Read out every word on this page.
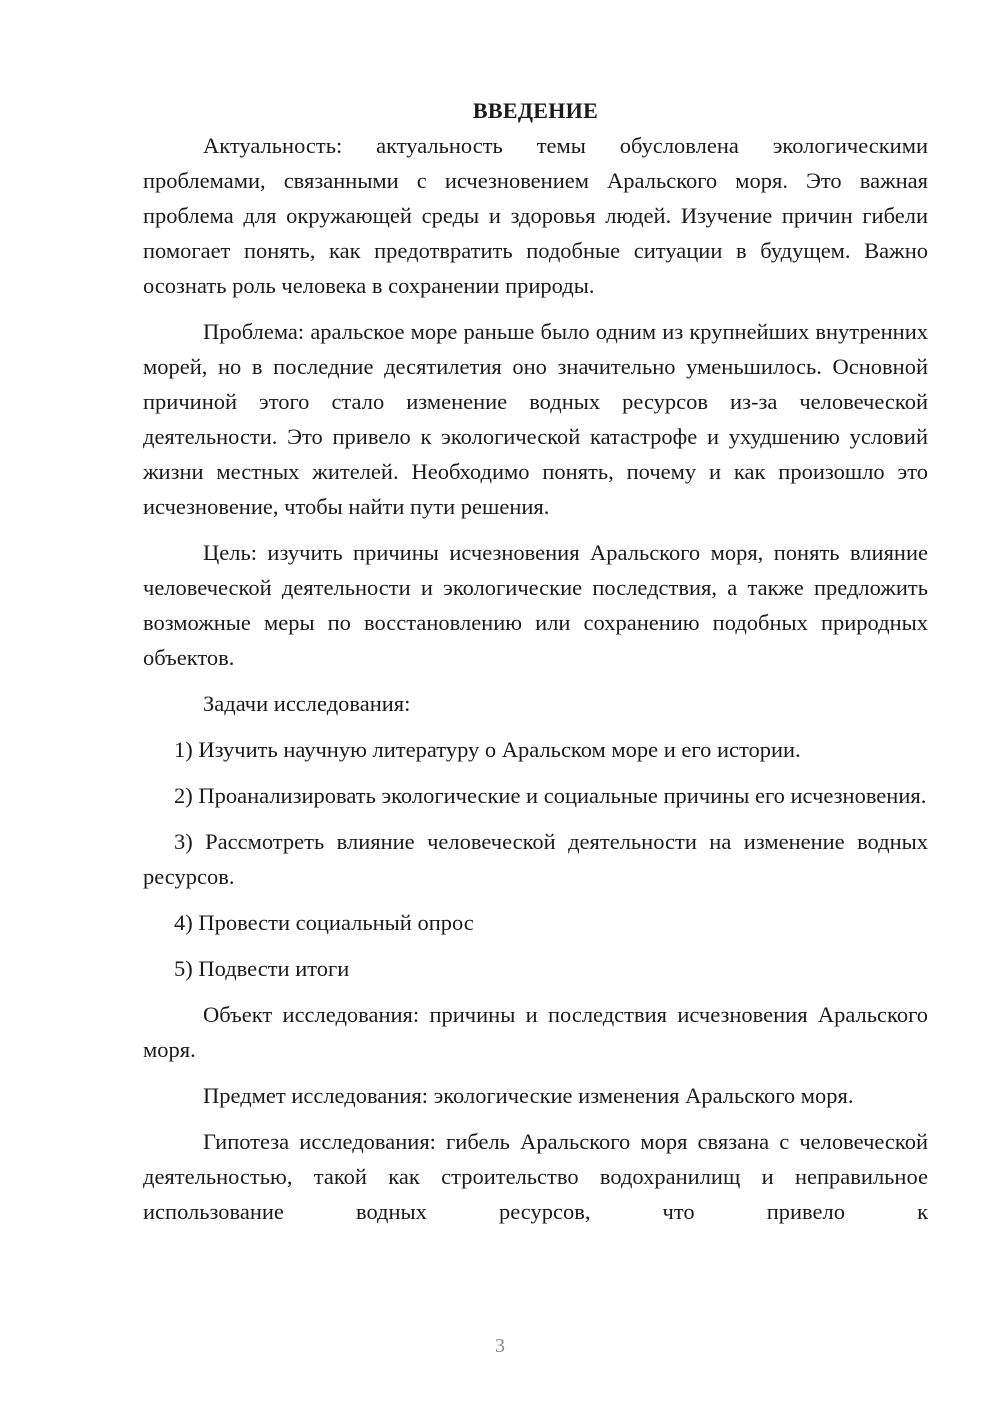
ВВЕДЕНИЕ

Актуальность: актуальность темы обусловлена экологическими проблемами, связанными с исчезновением Аральского моря. Это важная проблема для окружающей среды и здоровья людей. Изучение причин гибели помогает понять, как предотвратить подобные ситуации в будущем. Важно осознать роль человека в сохранении природы.

Проблема: аральское море раньше было одним из крупнейших внутренних морей, но в последние десятилетия оно значительно уменьшилось. Основной причиной этого стало изменение водных ресурсов из-за человеческой деятельности. Это привело к экологической катастрофе и ухудшению условий жизни местных жителей. Необходимо понять, почему и как произошло это исчезновение, чтобы найти пути решения.

Цель: изучить причины исчезновения Аральского моря, понять влияние человеческой деятельности и экологические последствия, а также предложить возможные меры по восстановлению или сохранению подобных природных объектов.

Задачи исследования:

1) Изучить научную литературу о Аральском море и его истории.

2) Проанализировать экологические и социальные причины его исчезновения.

3) Рассмотреть влияние человеческой деятельности на изменение водных ресурсов.

4) Провести социальный опрос

5) Подвести итоги

Объект исследования: причины и последствия исчезновения Аральского моря.

Предмет исследования: экологические изменения Аральского моря.

Гипотеза исследования: гибель Аральского моря связана с человеческой деятельностью, такой как строительство водохранилищ и неправильное использование водных ресурсов, что привело к

3
